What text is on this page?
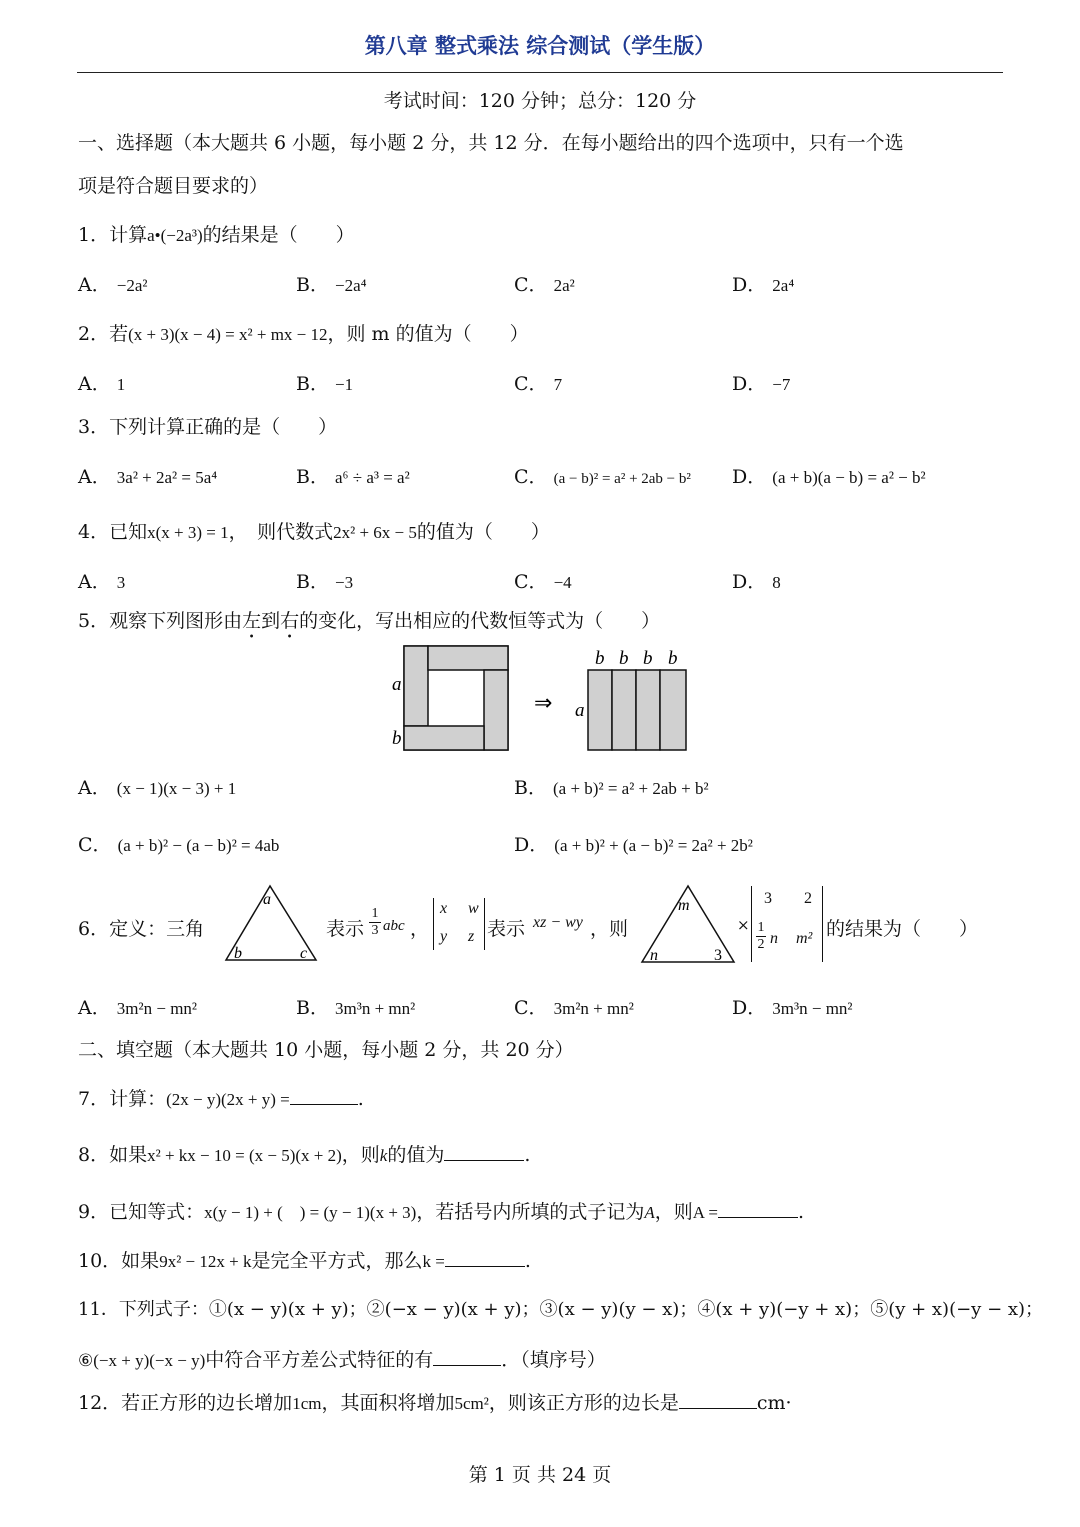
第八章 整式乘法 综合测试（学生版）
考试时间：120 分钟；总分：120 分
一、选择题（本大题共 6 小题，每小题 2 分，共 12 分．在每小题给出的四个选项中，只有一个选
项是符合题目要求的）
1．计算a•(−2a³)的结果是（　　）
A． −2a²	B． −2a⁴	C． 2a²	D． 2a⁴
2．若(x + 3)(x − 4) = x² + mx − 12，则 m 的值为（　　）
A． 1	B． −1	C． 7	D． −7
3．下列计算正确的是（　　）
A． 3a² + 2a² = 5a⁴	B． a⁶ ÷ a³ = a²	C． (a − b)² = a² + 2ab − b² D． (a + b)(a − b) = a² − b²
4．已知x(x + 3) = 1，　则代数式2x² + 6x − 5的值为（　　）
A． 3	B． −3	C． −4	D． 8
5．观察下列图形由左到右的变化，写出相应的代数恒等式为（　　）
a
b
⇒ a
b b b b
A． (x − 1)(x − 3) + 1	B． (a + b)² = a² + 2ab + b²
C． (a + b)² − (a − b)² = 4ab	D． (a + b)² + (a − b)² = 2a² + 2b²
6．定义：三角
a
b	c
表示
1
3 abc ，
x w
y z 表示 xz − wy ，则
m
n	3
×
3 2
1
2 n m² 的结果为（　　）
A． 3m²n − mn²	B． 3m³n + mn²	C． 3m²n + mn²	D． 3m³n − mn²
二、填空题（本大题共 10 小题，每小题 2 分，共 20 分）
7．计算：(2x − y)(2x + y) =	.
8．如果x² + kx − 10 = (x − 5)(x + 2)，则k的值为	.
9．已知等式：x(y − 1) + (　) = (y − 1)(x + 3)，若括号内所填的式子记为A，则A =	.
10．如果9x² − 12x + k是完全平方式，那么k =	.
11．下列式子：①(x − y)(x + y)；②(−x − y)(x + y)；③(x − y)(y − x)；④(x + y)(−y + x)；⑤(y + x)(−y − x)；
⑥(−x + y)(−x − y)中符合平方差公式特征的有	．（填序号）
12．若正方形的边长增加1cm，其面积将增加5cm²，则该正方形的边长是	cm·
第 1 页 共 24 页
